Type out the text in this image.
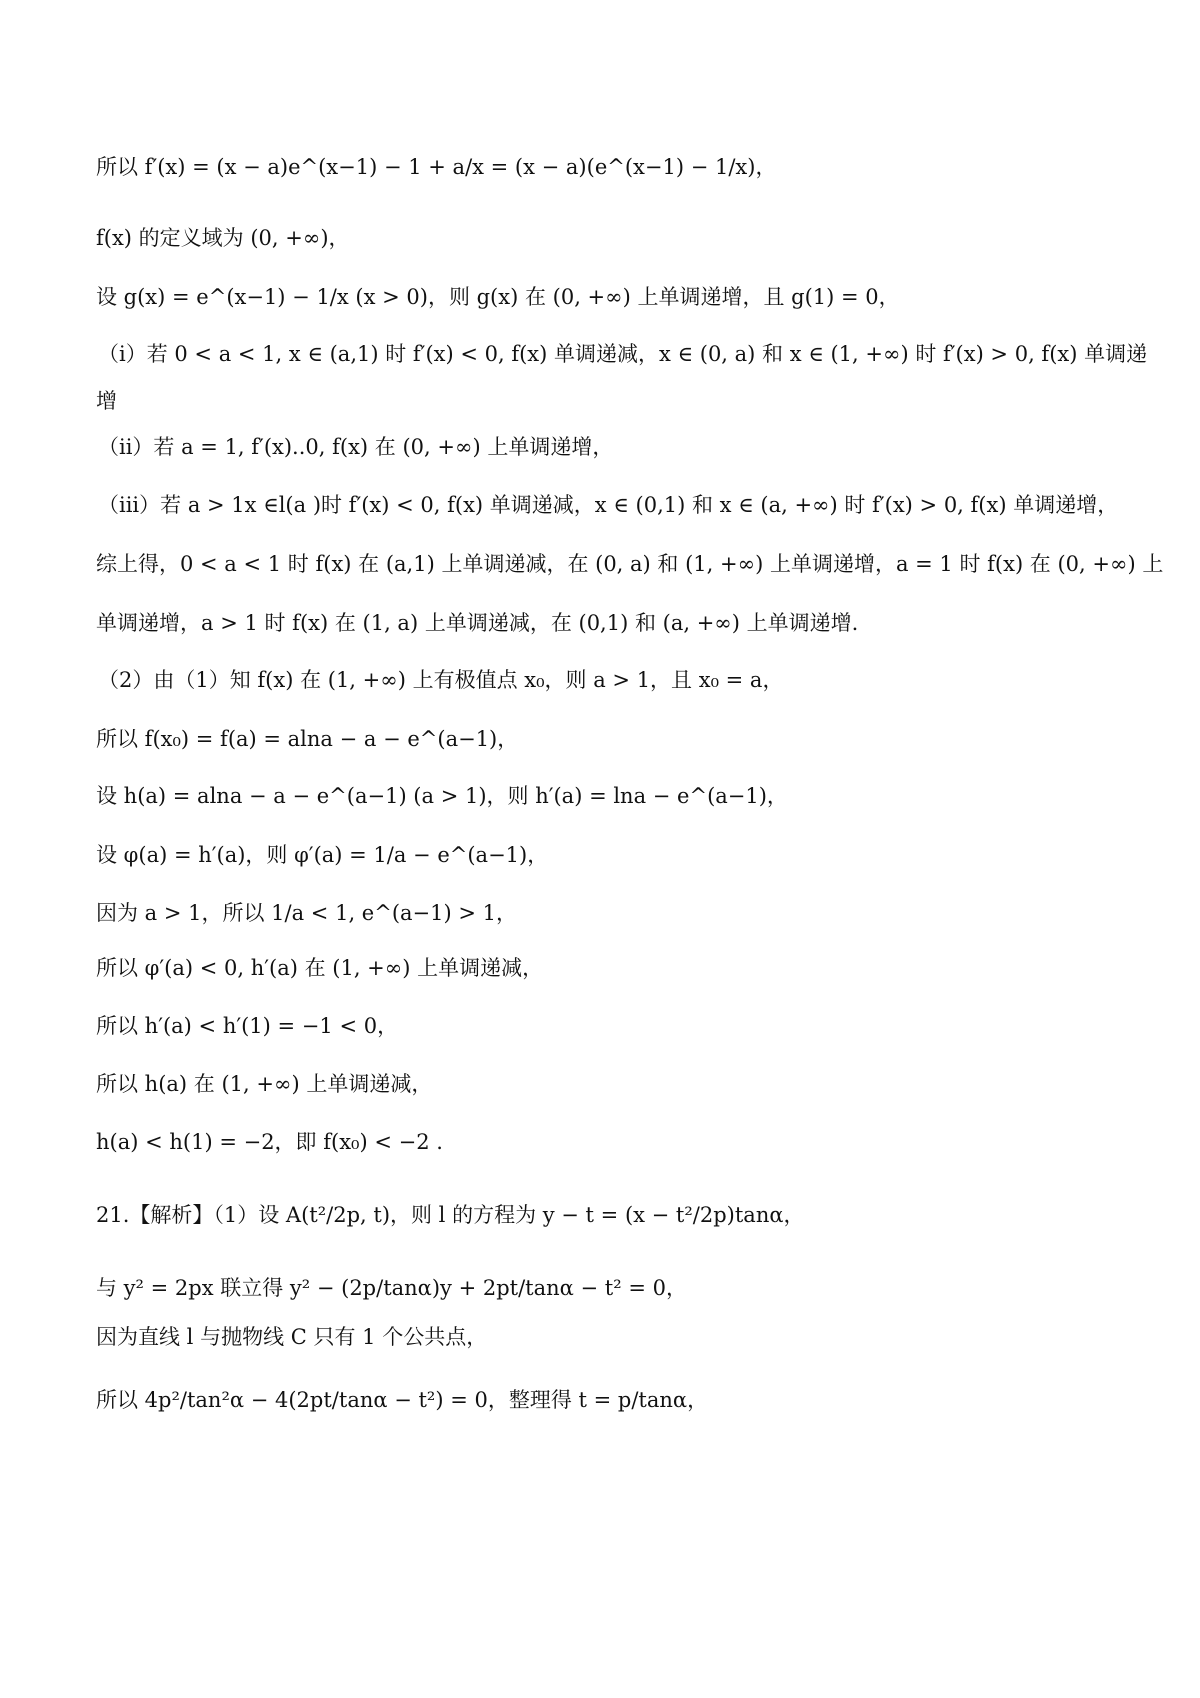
所以 f′(x) = (x − a)e^(x−1) − 1 + a/x = (x − a)(e^(x−1) − 1/x)，
f(x) 的定义域为 (0, +∞)，
设 g(x) = e^(x−1) − 1/x (x > 0)，则 g(x) 在 (0, +∞) 上单调递增，且 g(1) = 0，
（i）若 0 < a < 1, x ∈ (a,1) 时 f′(x) < 0, f(x) 单调递减，x ∈ (0, a) 和 x ∈ (1, +∞) 时 f′(x) > 0, f(x) 单调递
增
（ii）若 a = 1, f′(x)..0, f(x) 在 (0, +∞) 上单调递增，
（iii）若 a > 1x ∈l(a )时 f′(x) < 0, f(x) 单调递减，x ∈ (0,1) 和 x ∈ (a, +∞) 时 f′(x) > 0, f(x) 单调递增，
综上得，0 < a < 1 时 f(x) 在 (a,1) 上单调递减，在 (0, a) 和 (1, +∞) 上单调递增，a = 1 时 f(x) 在 (0, +∞) 上
单调递增，a > 1 时 f(x) 在 (1, a) 上单调递减，在 (0,1) 和 (a, +∞) 上单调递增.
（2）由（1）知 f(x) 在 (1, +∞) 上有极值点 x₀，则 a > 1，且 x₀ = a，
所以 f(x₀) = f(a) = alna − a − e^(a−1)，
设 h(a) = alna − a − e^(a−1) (a > 1)，则 h′(a) = lna − e^(a−1)，
设 φ(a) = h′(a)，则 φ′(a) = 1/a − e^(a−1)，
因为 a > 1，所以 1/a < 1, e^(a−1) > 1，
所以 φ′(a) < 0, h′(a) 在 (1, +∞) 上单调递减，
所以 h′(a) < h′(1) = −1 < 0，
所以 h(a) 在 (1, +∞) 上单调递减，
h(a) < h(1) = −2，即 f(x₀) < −2 .
21.【解析】（1）设 A(t²/2p, t)，则 l 的方程为 y − t = (x − t²/2p)tanα，
与 y² = 2px 联立得 y² − (2p/tanα)y + 2pt/tanα − t² = 0，
因为直线 l 与抛物线 C 只有 1 个公共点，
所以 4p²/tan²α − 4(2pt/tanα − t²) = 0，整理得 t = p/tanα，
